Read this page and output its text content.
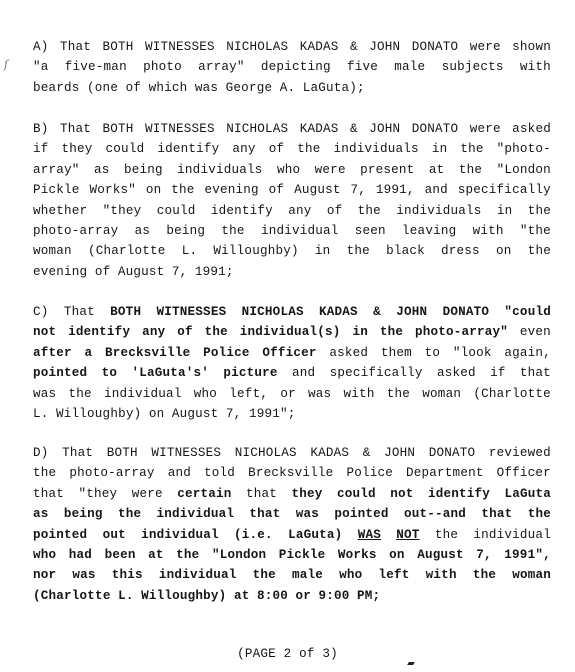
ſ
A) That BOTH WITNESSES NICHOLAS KADAS & JOHN DONATO were shown
"a five-man photo array" depicting five male subjects with
beards (one of which was George A. LaGuta);
B) That BOTH WITNESSES NICHOLAS KADAS & JOHN DONATO were asked
if they could identify any of the individuals in the "photo-
array" as being individuals who were present at the "London
Pickle Works" on the evening of August 7, 1991, and specifically
whether "they could identify any of the individuals in the
photo-array as being the individual seen leaving with "the
woman (Charlotte L. Willoughby) in the black dress on the
evening of August 7, 1991;
C) That BOTH WITNESSES NICHOLAS KADAS & JOHN DONATO "could
not identify any of the individual(s) in the photo-array" even
after a Brecksville Police Officer asked them to "look again,
pointed to 'LaGuta's' picture and specifically asked if that
was the individual who left, or was with the woman (Charlotte
L. Willoughby) on August 7, 1991";
D) That BOTH WITNESSES NICHOLAS KADAS & JOHN DONATO reviewed
the photo-array and told Brecksville Police Department Officer
that "they were certain that they could not identify LaGuta
as being the individual that was pointed out--and that the
pointed out individual (i.e. LaGuta) WAS NOT the individual
who had been at the "London Pickle Works on August 7, 1991",
nor was this individual the male who left with the woman
(Charlotte L. Willoughby) at 8:00 or 9:00 PM;
(PAGE 2 of 3)
